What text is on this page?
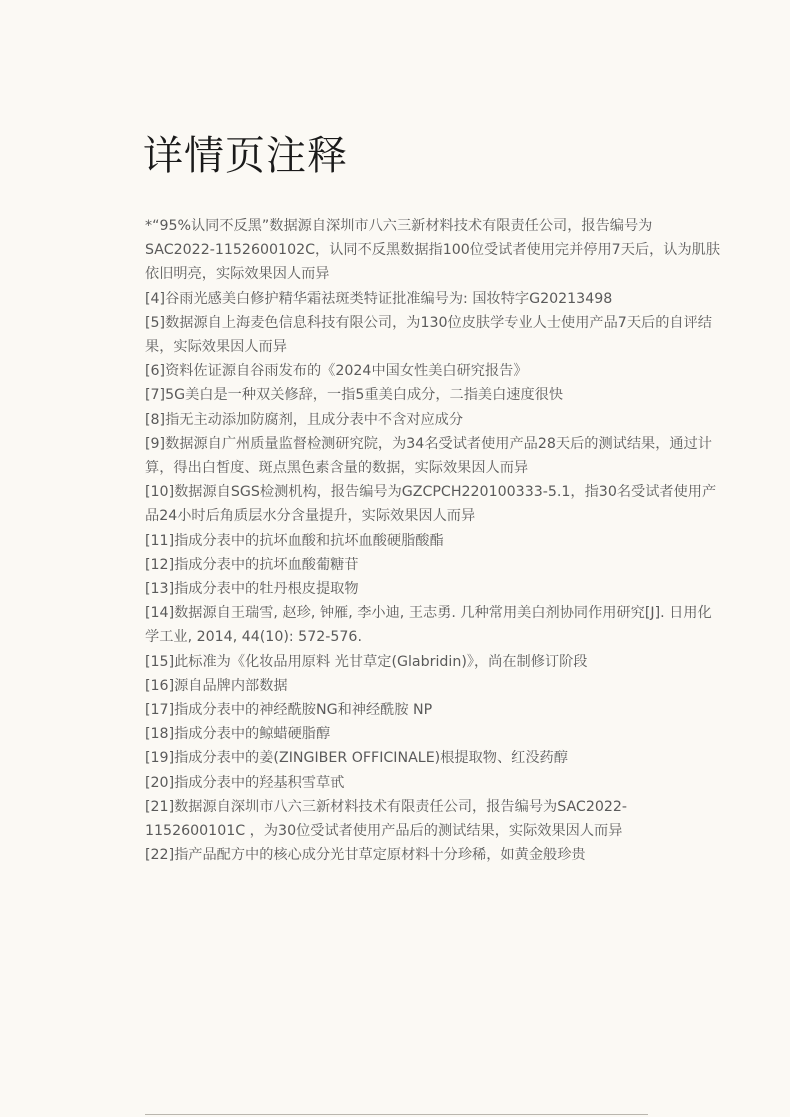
详情页注释

*“95%认同不反黑”数据源自深圳市八六三新材料技术有限责任公司，报告编号为SAC2022-1152600102C，认同不反黑数据指100位受试者使用完并停用7天后，认为肌肤依旧明亮，实际效果因人而异

[4]谷雨光感美白修护精华霜祛斑类特证批准编号为: 国妆特字G20213498

[5]数据源自上海麦色信息科技有限公司，为130位皮肤学专业人士使用产品7天后的自评结果，实际效果因人而异

[6]资料佐证源自谷雨发布的《2024中国女性美白研究报告》

[7]5G美白是一种双关修辞，一指5重美白成分，二指美白速度很快

[8]指无主动添加防腐剂，且成分表中不含对应成分

[9]数据源自广州质量监督检测研究院，为34名受试者使用产品28天后的测试结果，通过计算，得出白皙度、斑点黑色素含量的数据，实际效果因人而异

[10]数据源自SGS检测机构，报告编号为GZCPCH220100333-5.1，指30名受试者使用产品24小时后角质层水分含量提升，实际效果因人而异

[11]指成分表中的抗坏血酸和抗坏血酸硬脂酸酯

[12]指成分表中的抗坏血酸葡糖苷

[13]指成分表中的牡丹根皮提取物

[14]数据源自王瑞雪, 赵珍, 钟雁, 李小迪, 王志勇. 几种常用美白剂协同作用研究[J]. 日用化学工业, 2014, 44(10): 572-576.

[15]此标准为《化妆品用原料 光甘草定(Glabridin)》，尚在制修订阶段

[16]源自品牌内部数据

[17]指成分表中的神经酰胺NG和神经酰胺 NP

[18]指成分表中的鲸蜡硬脂醇

[19]指成分表中的姜(ZINGIBER OFFICINALE)根提取物、红没药醇

[20]指成分表中的羟基积雪草甙

[21]数据源自深圳市八六三新材料技术有限责任公司，报告编号为SAC2022-1152600101C ，为30位受试者使用产品后的测试结果，实际效果因人而异

[22]指产品配方中的核心成分光甘草定原材料十分珍稀，如黄金般珍贵
